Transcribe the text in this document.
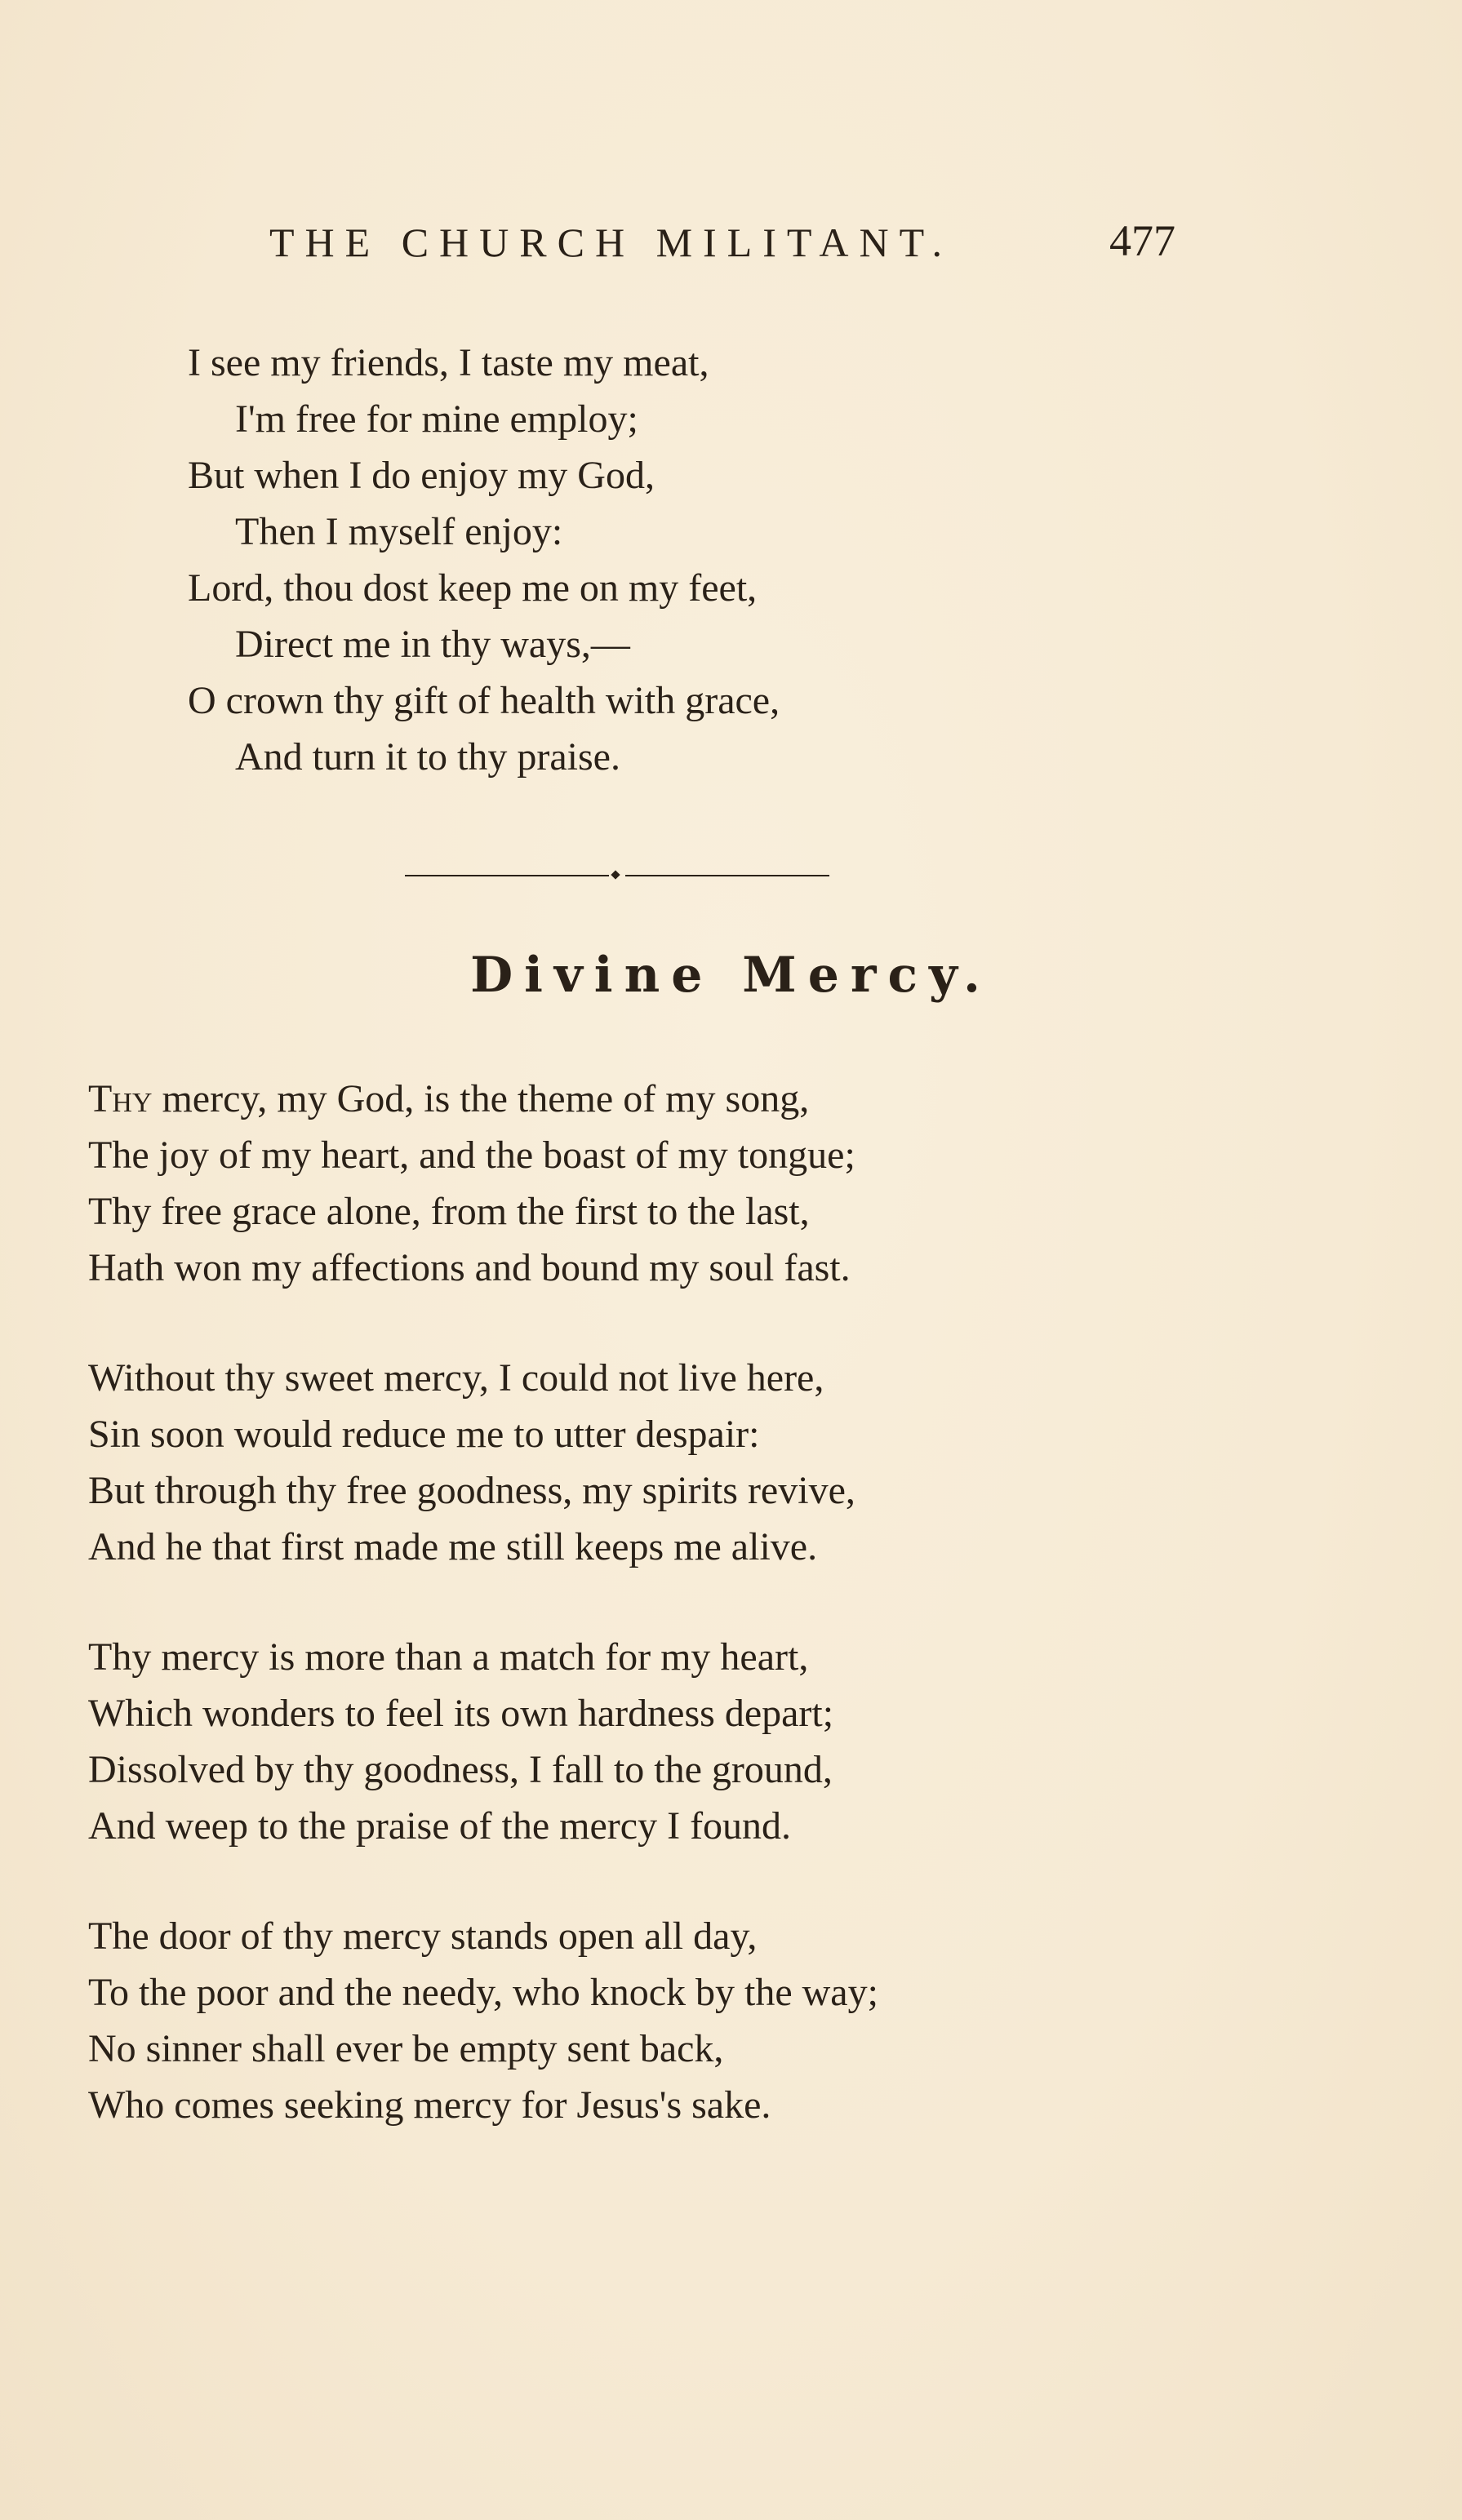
THE CHURCH MILITANT.	477
I see my friends, I taste my meat,
I'm free for mine employ;
But when I do enjoy my God,
Then I myself enjoy:
Lord, thou dost keep me on my feet,
Direct me in thy ways,—
O crown thy gift of health with grace,
And turn it to thy praise.
Divine Mercy.
Thy mercy, my God, is the theme of my song,
The joy of my heart, and the boast of my tongue;
Thy free grace alone, from the first to the last,
Hath won my affections and bound my soul fast.
Without thy sweet mercy, I could not live here,
Sin soon would reduce me to utter despair:
But through thy free goodness, my spirits revive,
And he that first made me still keeps me alive.
Thy mercy is more than a match for my heart,
Which wonders to feel its own hardness depart;
Dissolved by thy goodness, I fall to the ground,
And weep to the praise of the mercy I found.
The door of thy mercy stands open all day,
To the poor and the needy, who knock by the way;
No sinner shall ever be empty sent back,
Who comes seeking mercy for Jesus's sake.
